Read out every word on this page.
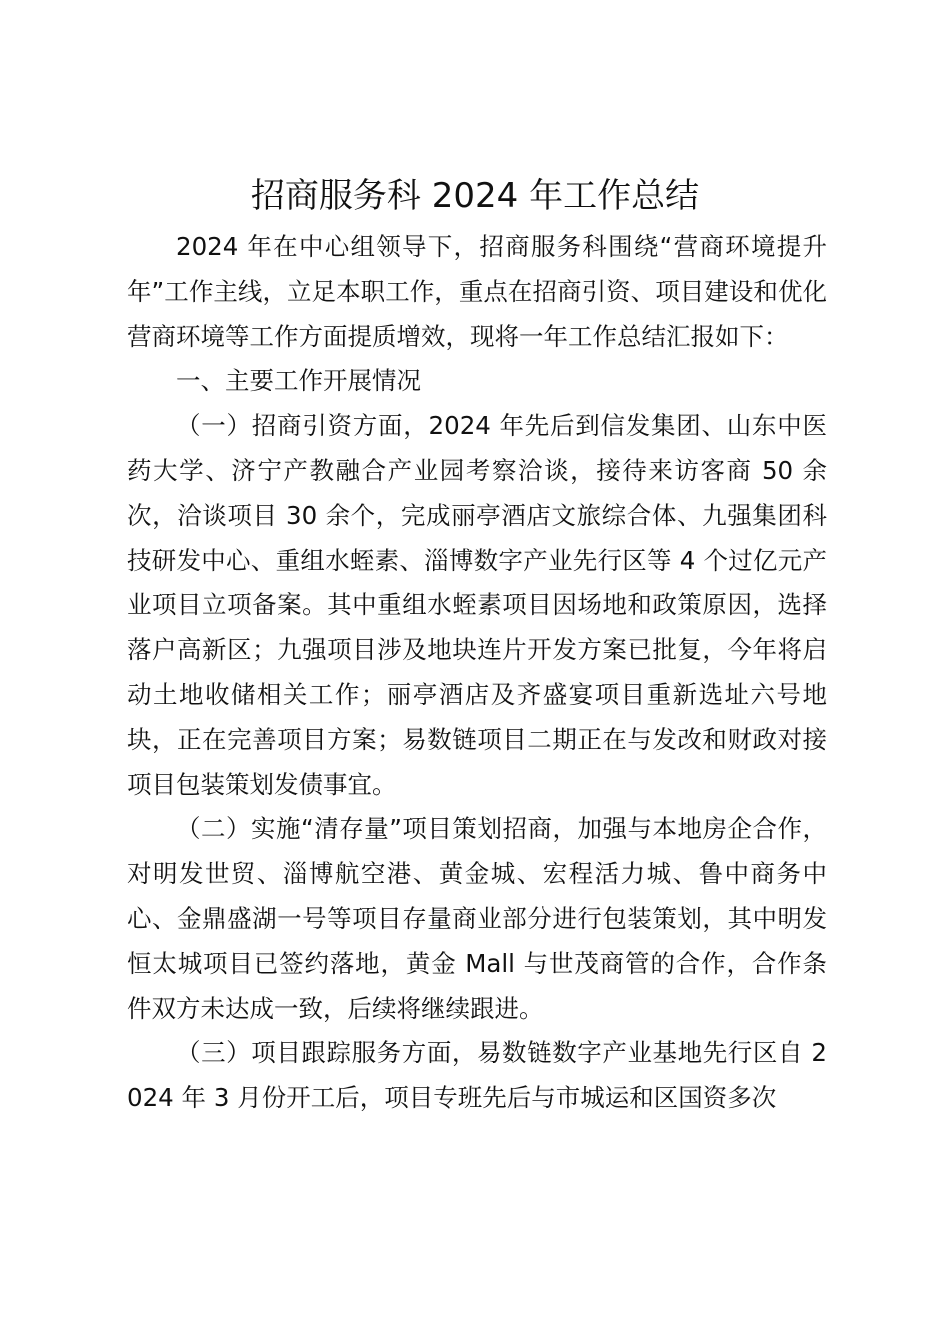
招商服务科 2024 年工作总结

2024 年在中心组领导下，招商服务科围绕“营商环境提升年”工作主线，立足本职工作，重点在招商引资、项目建设和优化营商环境等工作方面提质增效，现将一年工作总结汇报如下：

一、主要工作开展情况

（一）招商引资方面，2024 年先后到信发集团、山东中医药大学、济宁产教融合产业园考察洽谈，接待来访客商 50 余次，洽谈项目 30 余个，完成丽亭酒店文旅综合体、九强集团科技研发中心、重组水蛭素、淄博数字产业先行区等 4 个过亿元产业项目立项备案。其中重组水蛭素项目因场地和政策原因，选择落户高新区；九强项目涉及地块连片开发方案已批复，今年将启动土地收储相关工作；丽亭酒店及齐盛宴项目重新选址六号地块，正在完善项目方案；易数链项目二期正在与发改和财政对接项目包装策划发债事宜。

（二）实施“清存量”项目策划招商，加强与本地房企合作，对明发世贸、淄博航空港、黄金城、宏程活力城、鲁中商务中心、金鼎盛湖一号等项目存量商业部分进行包装策划，其中明发恒太城项目已签约落地，黄金 Mall 与世茂商管的合作，合作条件双方未达成一致，后续将继续跟进。

（三）项目跟踪服务方面，易数链数字产业基地先行区自 2024 年 3 月份开工后，项目专班先后与市城运和区国资多次
